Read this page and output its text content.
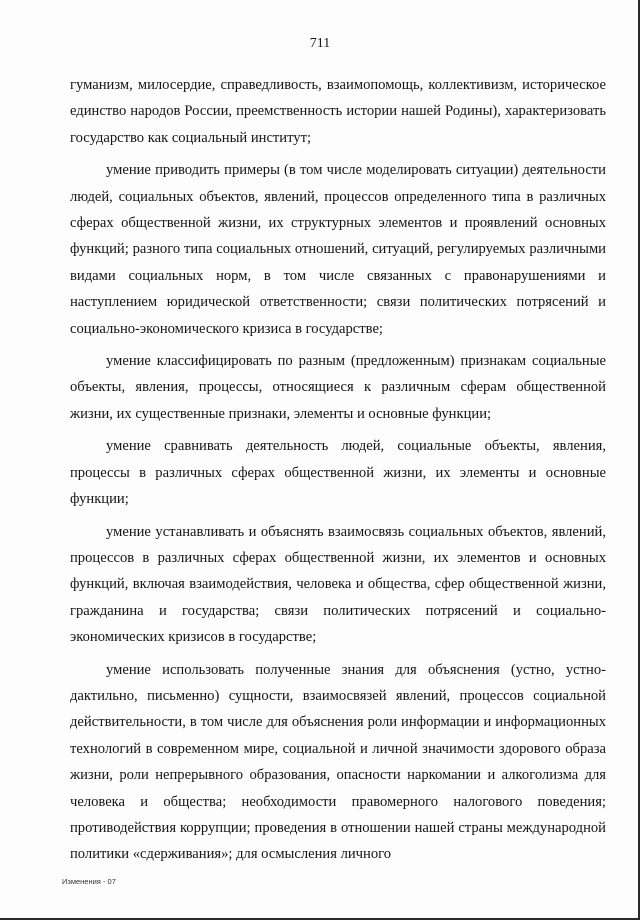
711

гуманизм, милосердие, справедливость, взаимопомощь, коллективизм, историческое единство народов России, преемственность истории нашей Родины), характеризовать государство как социальный институт;

умение приводить примеры (в том числе моделировать ситуации) деятельности людей, социальных объектов, явлений, процессов определенного типа в различных сферах общественной жизни, их структурных элементов и проявлений основных функций; разного типа социальных отношений, ситуаций, регулируемых различными видами социальных норм, в том числе связанных с правонарушениями и наступлением юридической ответственности; связи политических потрясений и социально-экономического кризиса в государстве;

умение классифицировать по разным (предложенным) признакам социальные объекты, явления, процессы, относящиеся к различным сферам общественной жизни, их существенные признаки, элементы и основные функции;

умение сравнивать деятельность людей, социальные объекты, явления, процессы в различных сферах общественной жизни, их элементы и основные функции;

умение устанавливать и объяснять взаимосвязь социальных объектов, явлений, процессов в различных сферах общественной жизни, их элементов и основных функций, включая взаимодействия, человека и общества, сфер общественной жизни, гражданина и государства; связи политических потрясений и социально-экономических кризисов в государстве;

умение использовать полученные знания для объяснения (устно, устно-дактильно, письменно) сущности, взаимосвязей явлений, процессов социальной действительности, в том числе для объяснения роли информации и информационных технологий в современном мире, социальной и личной значимости здорового образа жизни, роли непрерывного образования, опасности наркомании и алкоголизма для человека и общества; необходимости правомерного налогового поведения; противодействия коррупции; проведения в отношении нашей страны международной политики «сдерживания»; для осмысления личного

Изменения - 07
